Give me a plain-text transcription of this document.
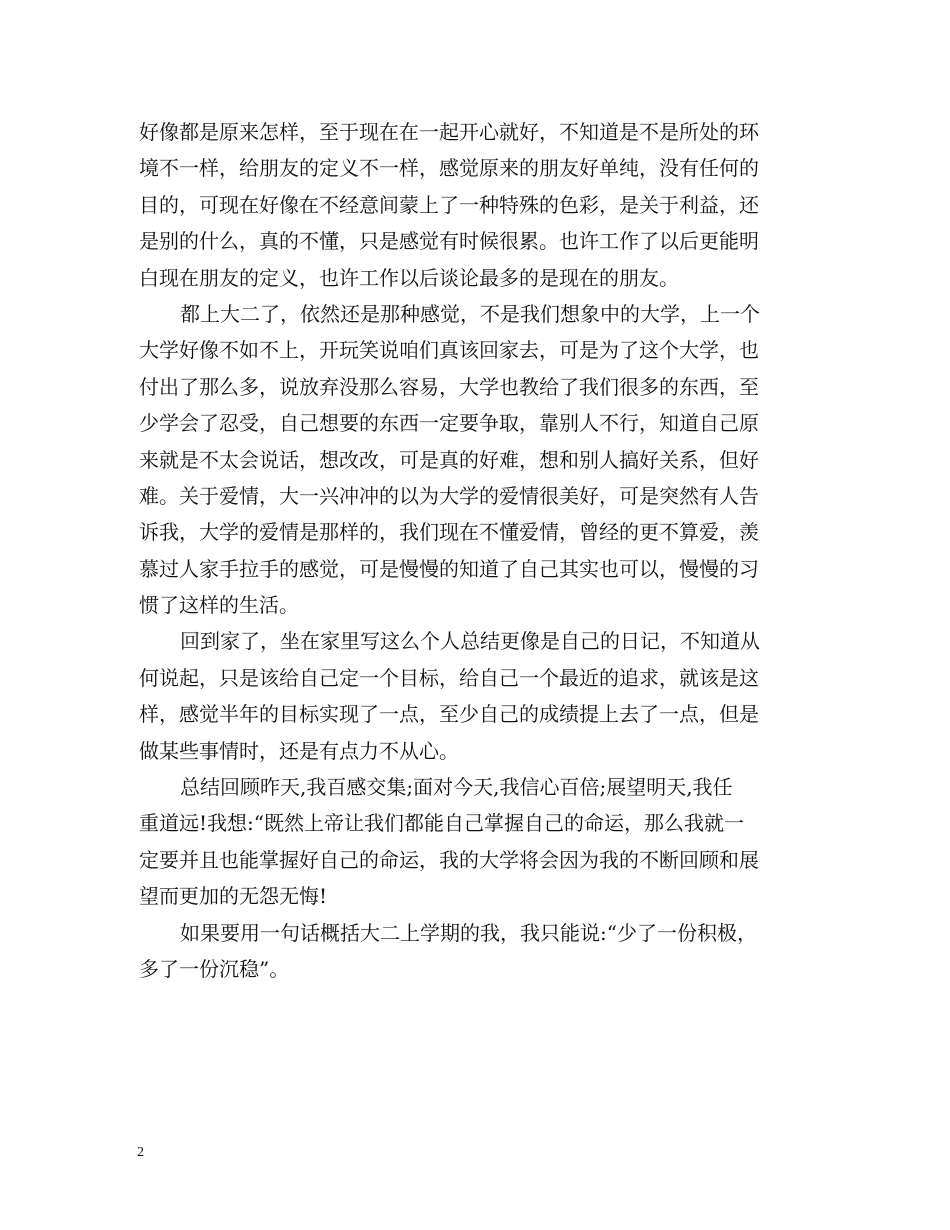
好像都是原来怎样，至于现在在一起开心就好，不知道是不是所处的环
境不一样，给朋友的定义不一样，感觉原来的朋友好单纯，没有任何的
目的，可现在好像在不经意间蒙上了一种特殊的色彩，是关于利益，还
是别的什么，真的不懂，只是感觉有时候很累。也许工作了以后更能明
白现在朋友的定义，也许工作以后谈论最多的是现在的朋友。
都上大二了，依然还是那种感觉，不是我们想象中的大学，上一个
大学好像不如不上，开玩笑说咱们真该回家去，可是为了这个大学，也
付出了那么多，说放弃没那么容易，大学也教给了我们很多的东西，至
少学会了忍受，自己想要的东西一定要争取，靠别人不行，知道自己原
来就是不太会说话，想改改，可是真的好难，想和别人搞好关系，但好
难。关于爱情，大一兴冲冲的以为大学的爱情很美好，可是突然有人告
诉我，大学的爱情是那样的，我们现在不懂爱情，曾经的更不算爱，羡
慕过人家手拉手的感觉，可是慢慢的知道了自己其实也可以，慢慢的习
惯了这样的生活。
回到家了，坐在家里写这么个人总结更像是自己的日记，不知道从
何说起，只是该给自己定一个目标，给自己一个最近的追求，就该是这
样，感觉半年的目标实现了一点，至少自己的成绩提上去了一点，但是
做某些事情时，还是有点力不从心。
总结回顾昨天,我百感交集;面对今天,我信心百倍;展望明天,我任
重道远!我想:“既然上帝让我们都能自己掌握自己的命运，那么我就一
定要并且也能掌握好自己的命运，我的大学将会因为我的不断回顾和展
望而更加的无怨无悔!
如果要用一句话概括大二上学期的我，我只能说:“少了一份积极，
多了一份沉稳”。
2
